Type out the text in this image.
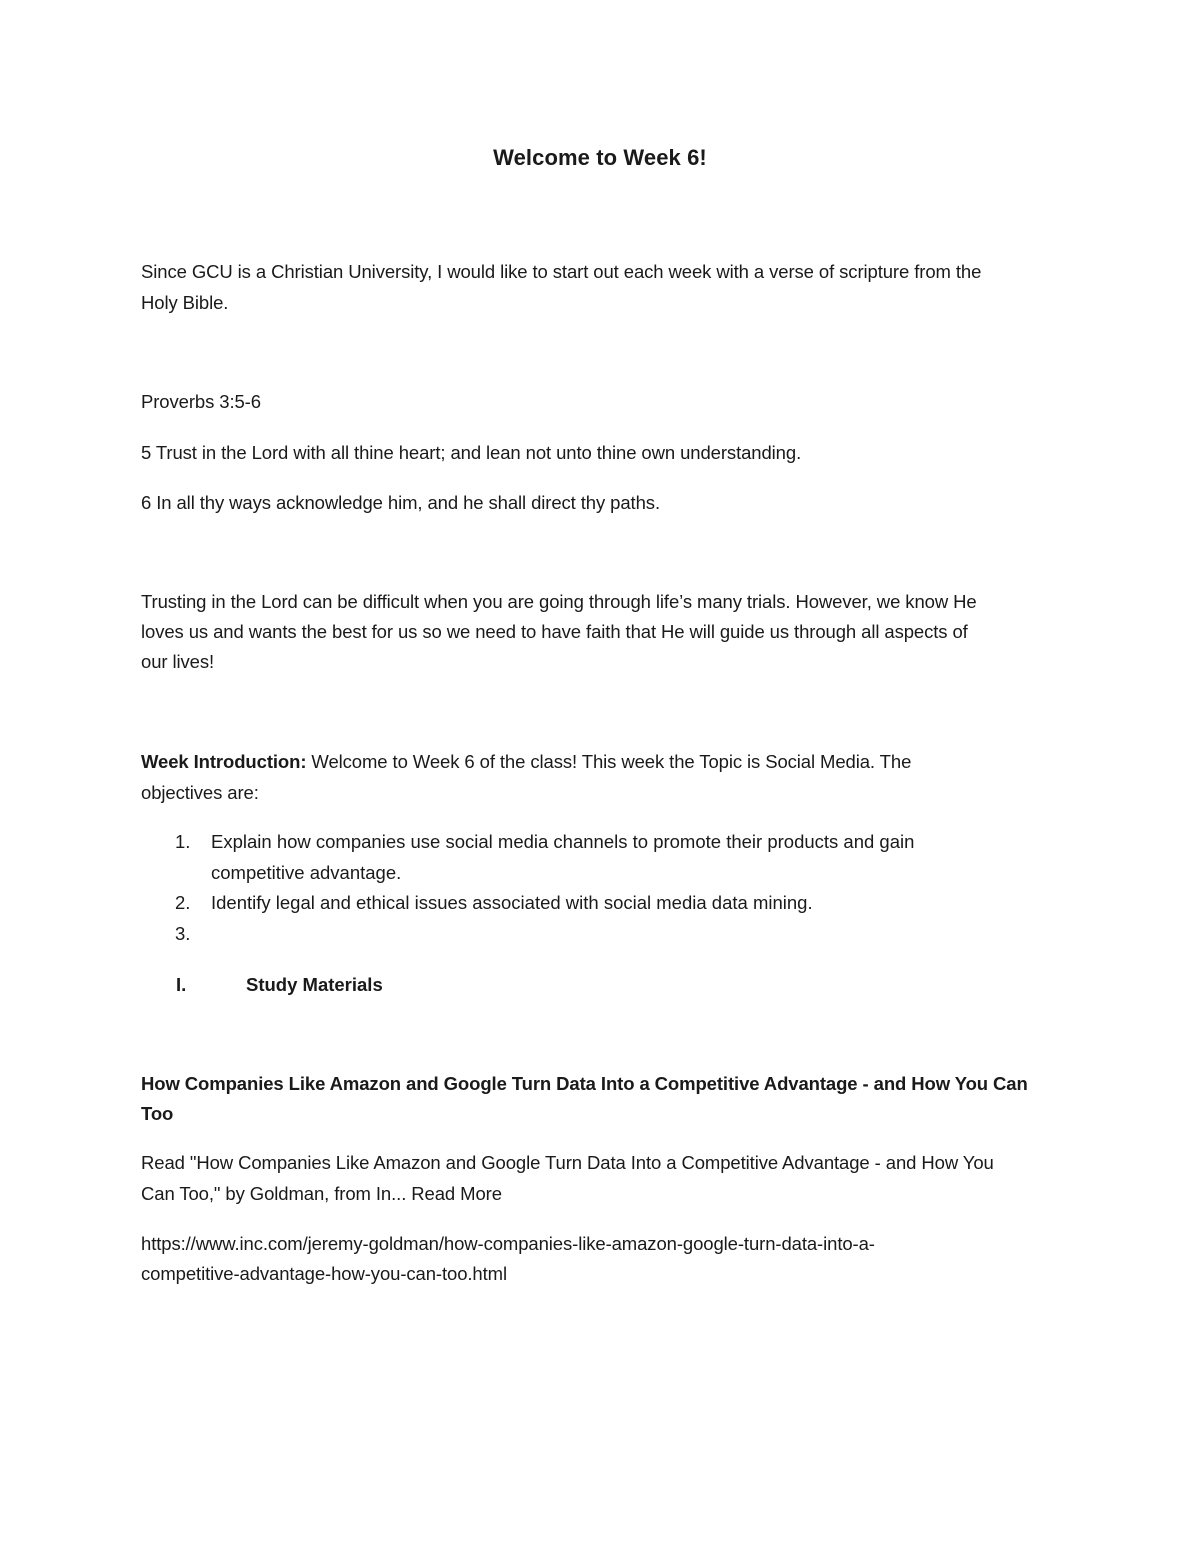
Welcome to Week 6!
Since GCU is a Christian University, I would like to start out each week with a verse of scripture from the
Holy Bible.
Proverbs 3:5-6
5 Trust in the Lord with all thine heart; and lean not unto thine own understanding.
6 In all thy ways acknowledge him, and he shall direct thy paths.
Trusting in the Lord can be difficult when you are going through life’s many trials. However, we know He
loves us and wants the best for us so we need to have faith that He will guide us through all aspects of
our lives!
Week Introduction: Welcome to Week 6 of the class! This week the Topic is Social Media. The
objectives are:
1.	Explain how companies use social media channels to promote their products and gain
competitive advantage.
2.	Identify legal and ethical issues associated with social media data mining.
3.
I.	Study Materials
How Companies Like Amazon and Google Turn Data Into a Competitive Advantage - and How You Can
Too
Read "How Companies Like Amazon and Google Turn Data Into a Competitive Advantage - and How You
Can Too," by Goldman, from In... Read More
https://www.inc.com/jeremy-goldman/how-companies-like-amazon-google-turn-data-into-a-
competitive-advantage-how-you-can-too.html
